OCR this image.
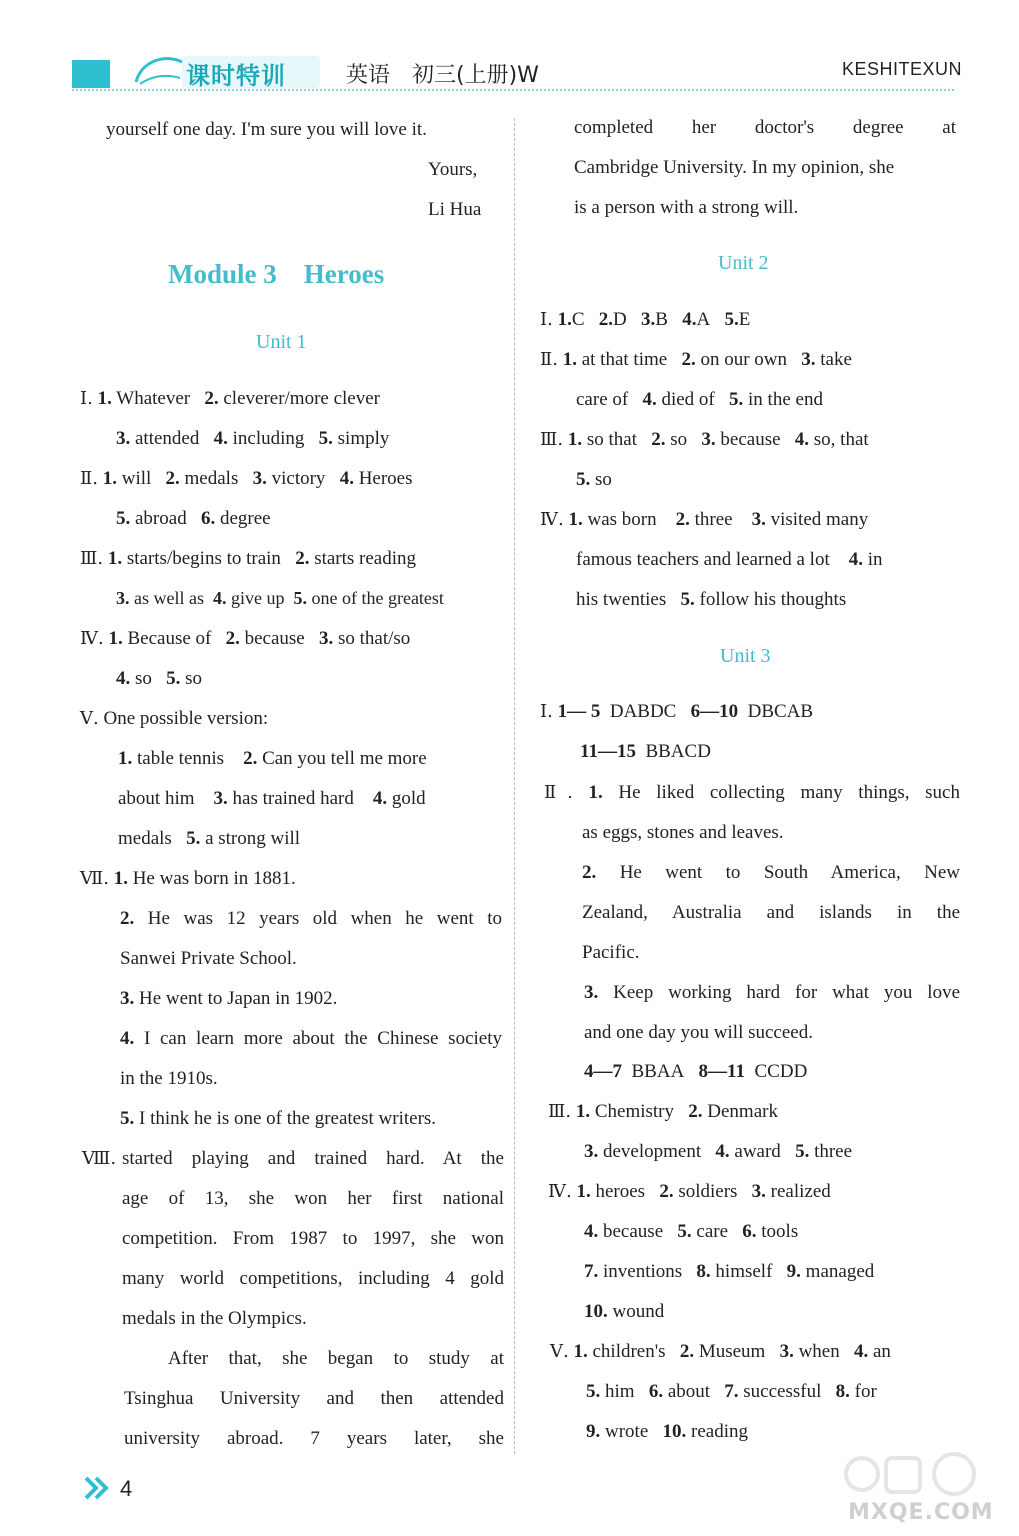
课时特训	英语　初三(上册)W	KESHITEXUN
yourself one day. I'm sure you will love it.
Yours,
Li Hua
Module 3　Heroes
Unit 1
Ⅰ. 1. Whatever 2. cleverer/more clever
3. attended 4. including 5. simply
Ⅱ. 1. will 2. medals 3. victory 4. Heroes
5. abroad 6. degree
Ⅲ. 1. starts/begins to train 2. starts reading
3. as well as 4. give up 5. one of the greatest
Ⅳ. 1. Because of 2. because 3. so that/so
4. so 5. so
Ⅴ. One possible version:
1. table tennis 2. Can you tell me more
about him 3. has trained hard 4. gold
medals 5. a strong will
Ⅶ. 1. He was born in 1881.
2. He was 12 years old when he went to
Sanwei Private School.
3. He went to Japan in 1902.
4. I can learn more about the Chinese society
in the 1910s.
5. I think he is one of the greatest writers.
Ⅷ. started playing and trained hard. At the
age of 13, she won her first national
competition. From 1987 to 1997, she won
many world competitions, including 4 gold
medals in the Olympics.
After that, she began to study at
Tsinghua University and then attended
university abroad. 7 years later, she
completed her doctor's degree at
Cambridge University. In my opinion, she
is a person with a strong will.
Unit 2
Ⅰ. 1.C 2.D 3.B 4.A 5.E
Ⅱ. 1. at that time 2. on our own 3. take
care of 4. died of 5. in the end
Ⅲ. 1. so that 2. so 3. because 4. so, that
5. so
Ⅳ. 1. was born 2. three 3. visited many
famous teachers and learned a lot 4. in
his twenties 5. follow his thoughts
Unit 3
Ⅰ. 1— 5 DABDC 6—10 DBCAB
11—15 BBACD
Ⅱ. 1. He liked collecting many things, such
as eggs, stones and leaves.
2. He went to South America, New
Zealand, Australia and islands in the
Pacific.
3. Keep working hard for what you love
and one day you will succeed.
4—7 BBAA 8—11 CCDD
Ⅲ. 1. Chemistry 2. Denmark
3. development 4. award 5. three
Ⅳ. 1. heroes 2. soldiers 3. realized
4. because 5. care 6. tools
7. inventions 8. himself 9. managed
10. wound
Ⅴ. 1. children's 2. Museum 3. when 4. an
5. him 6. about 7. successful 8. for
9. wrote 10. reading
4
MXQE.COM
